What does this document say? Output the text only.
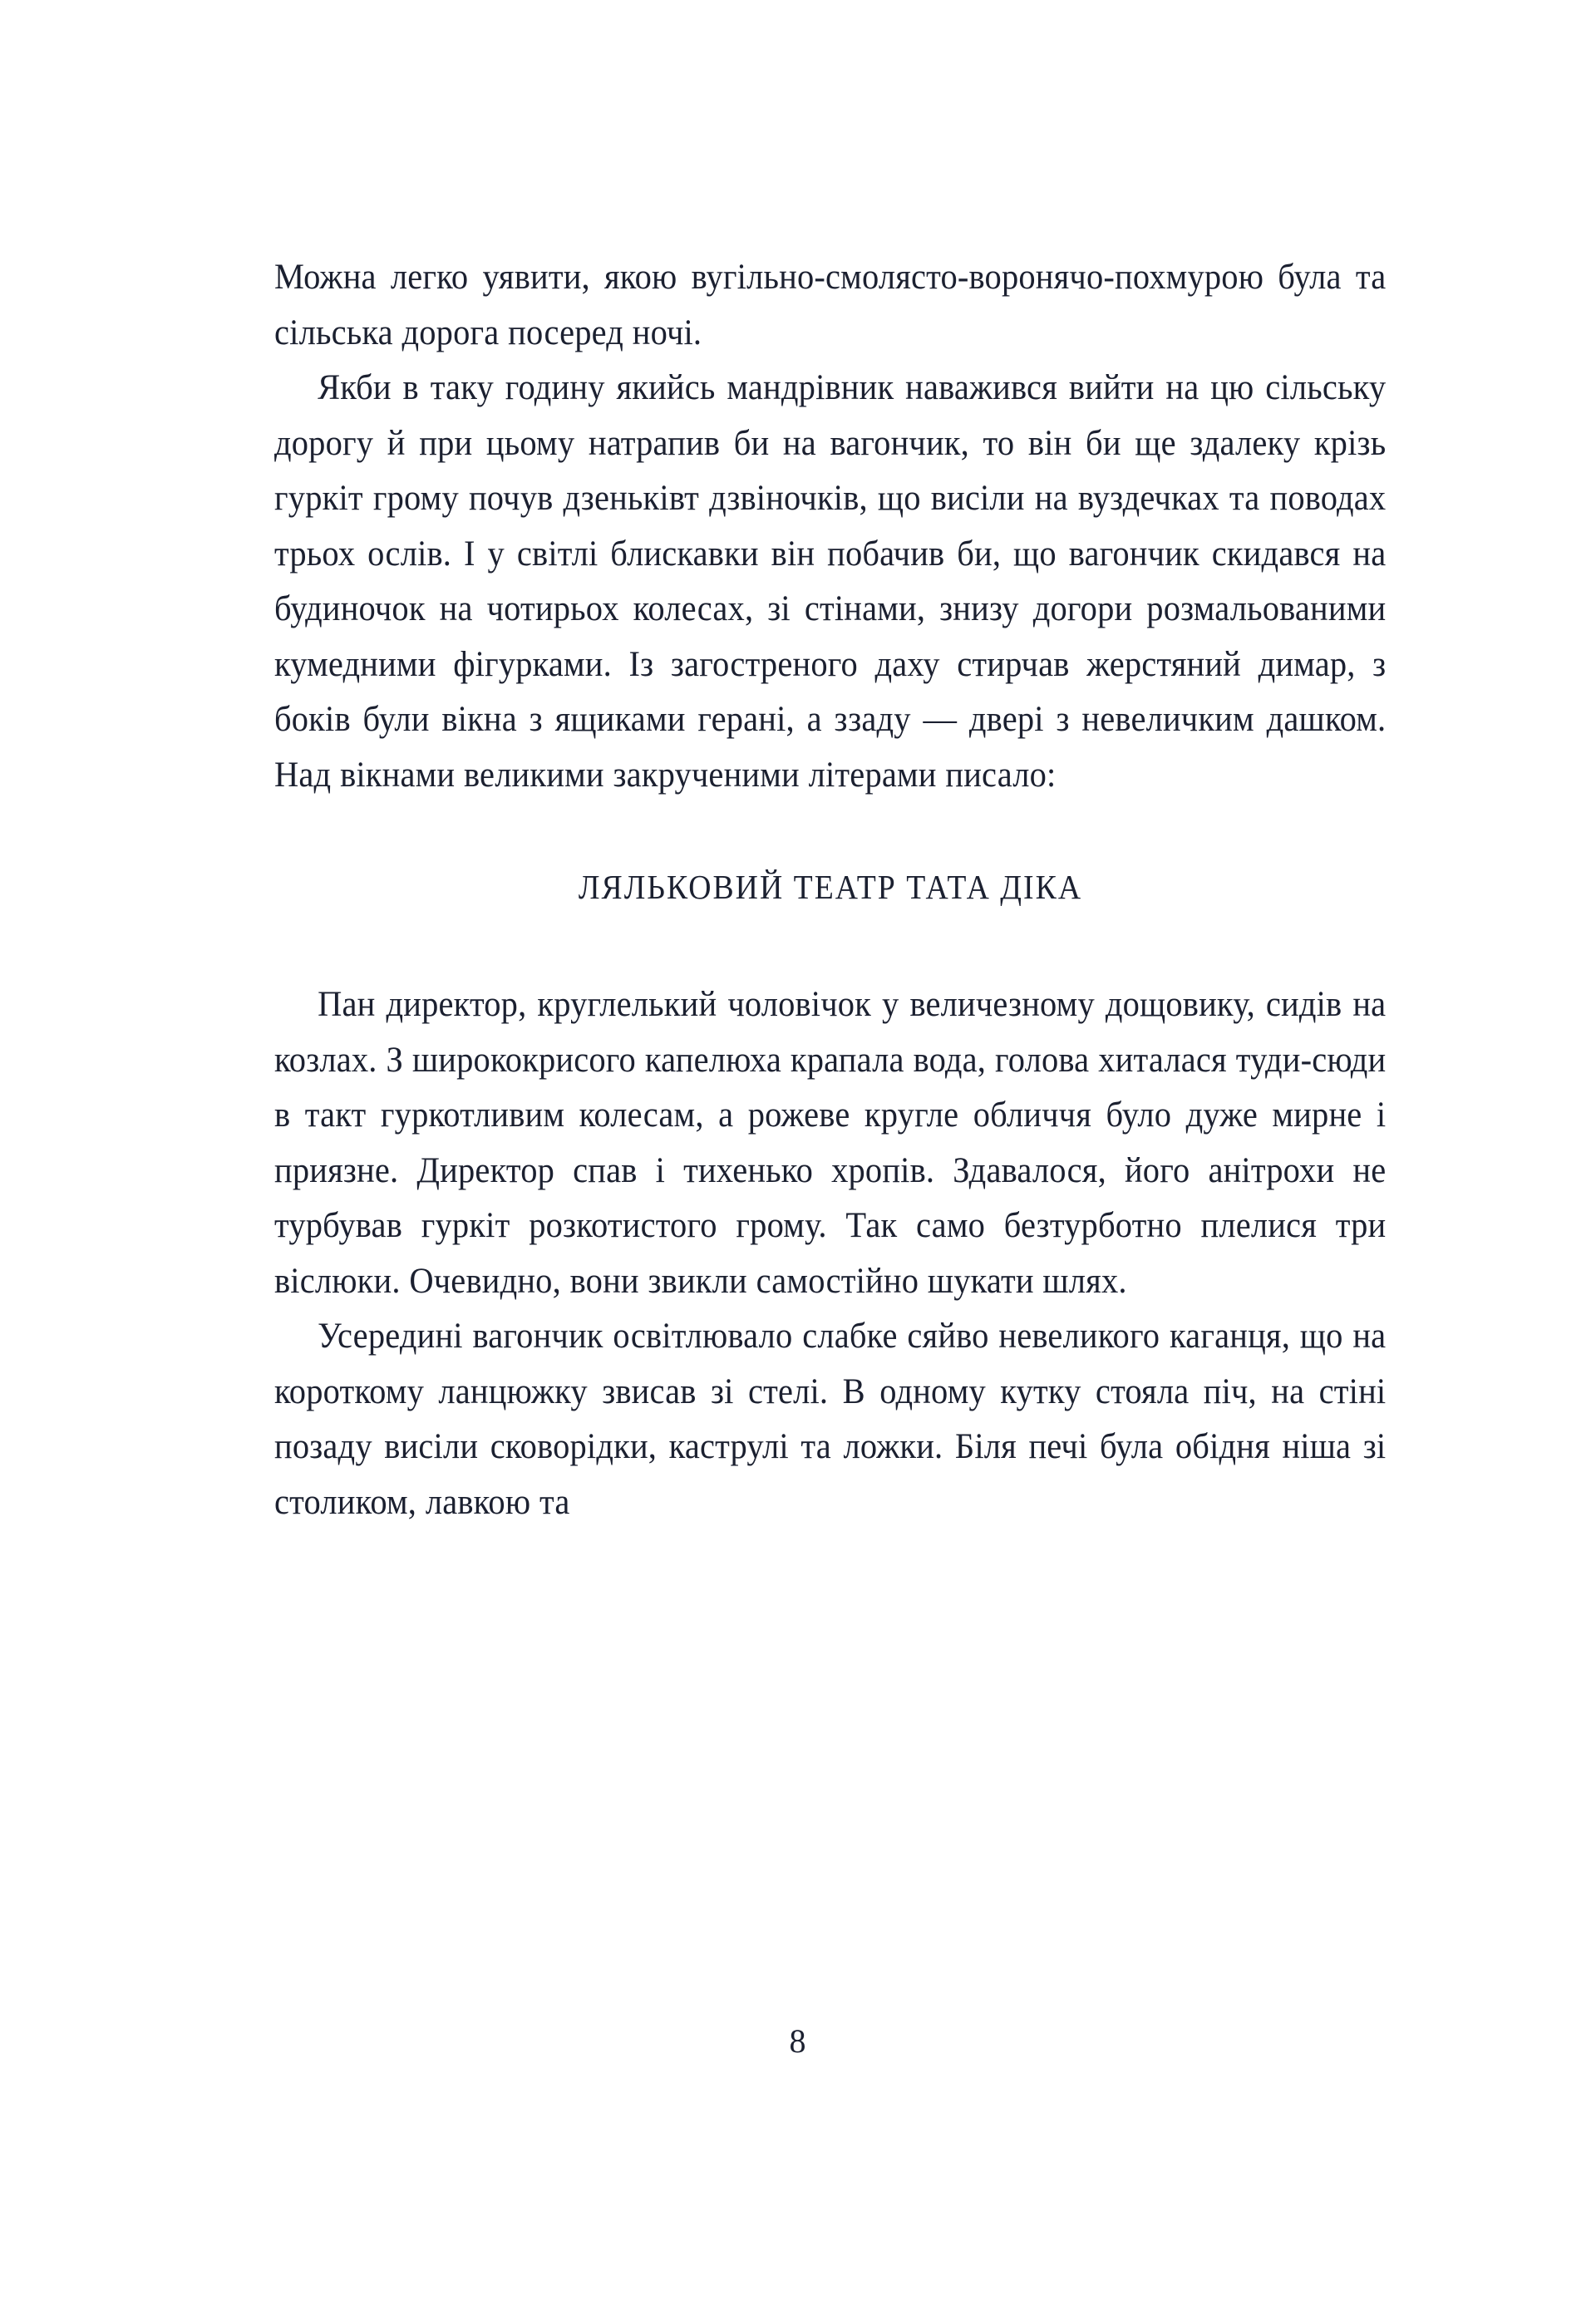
Можна легко уявити, якою вугільно-смолясто-воронячо-похмурою була та сільська дорога посеред ночі.

Якби в таку годину якийсь мандрівник наважився вийти на цю сільську дорогу й при цьому натрапив би на вагончик, то він би ще здалеку крізь гуркіт грому почув дзеньківт дзвіночків, що висіли на вуздечках та поводах трьох ослів. І у світлі блискавки він побачив би, що вагончик скидався на будиночок на чотирьох колесах, зі стінами, знизу догори розмальованими кумедними фігурками. Із загостреного даху стирчав жерстяний димар, з боків були вікна з ящиками герані, а ззаду — двері з невеличким дашком. Над вікнами великими закрученими літерами писало:

ЛЯЛЬКОВИЙ ТЕАТР ТАТА ДІКА

Пан директор, круглелький чоловічок у величезному дощовику, сидів на козлах. З ширококрисого капелюха крапала вода, голова хиталася туди-сюди в такт гуркотливим колесам, а рожеве кругле обличчя було дуже мирне і приязне. Директор спав і тихенько хропів. Здавалося, його анітрохи не турбував гуркіт розкотистого грому. Так само безтурботно плелися три віслюки. Очевидно, вони звикли самостійно шукати шлях.

Усередині вагончик освітлювало слабке сяйво невеликого каганця, що на короткому ланцюжку звисав зі стелі. В одному кутку стояла піч, на стіні позаду висіли сковорідки, каструлі та ложки. Біля печі була обідня ніша зі столиком, лавкою та

8
